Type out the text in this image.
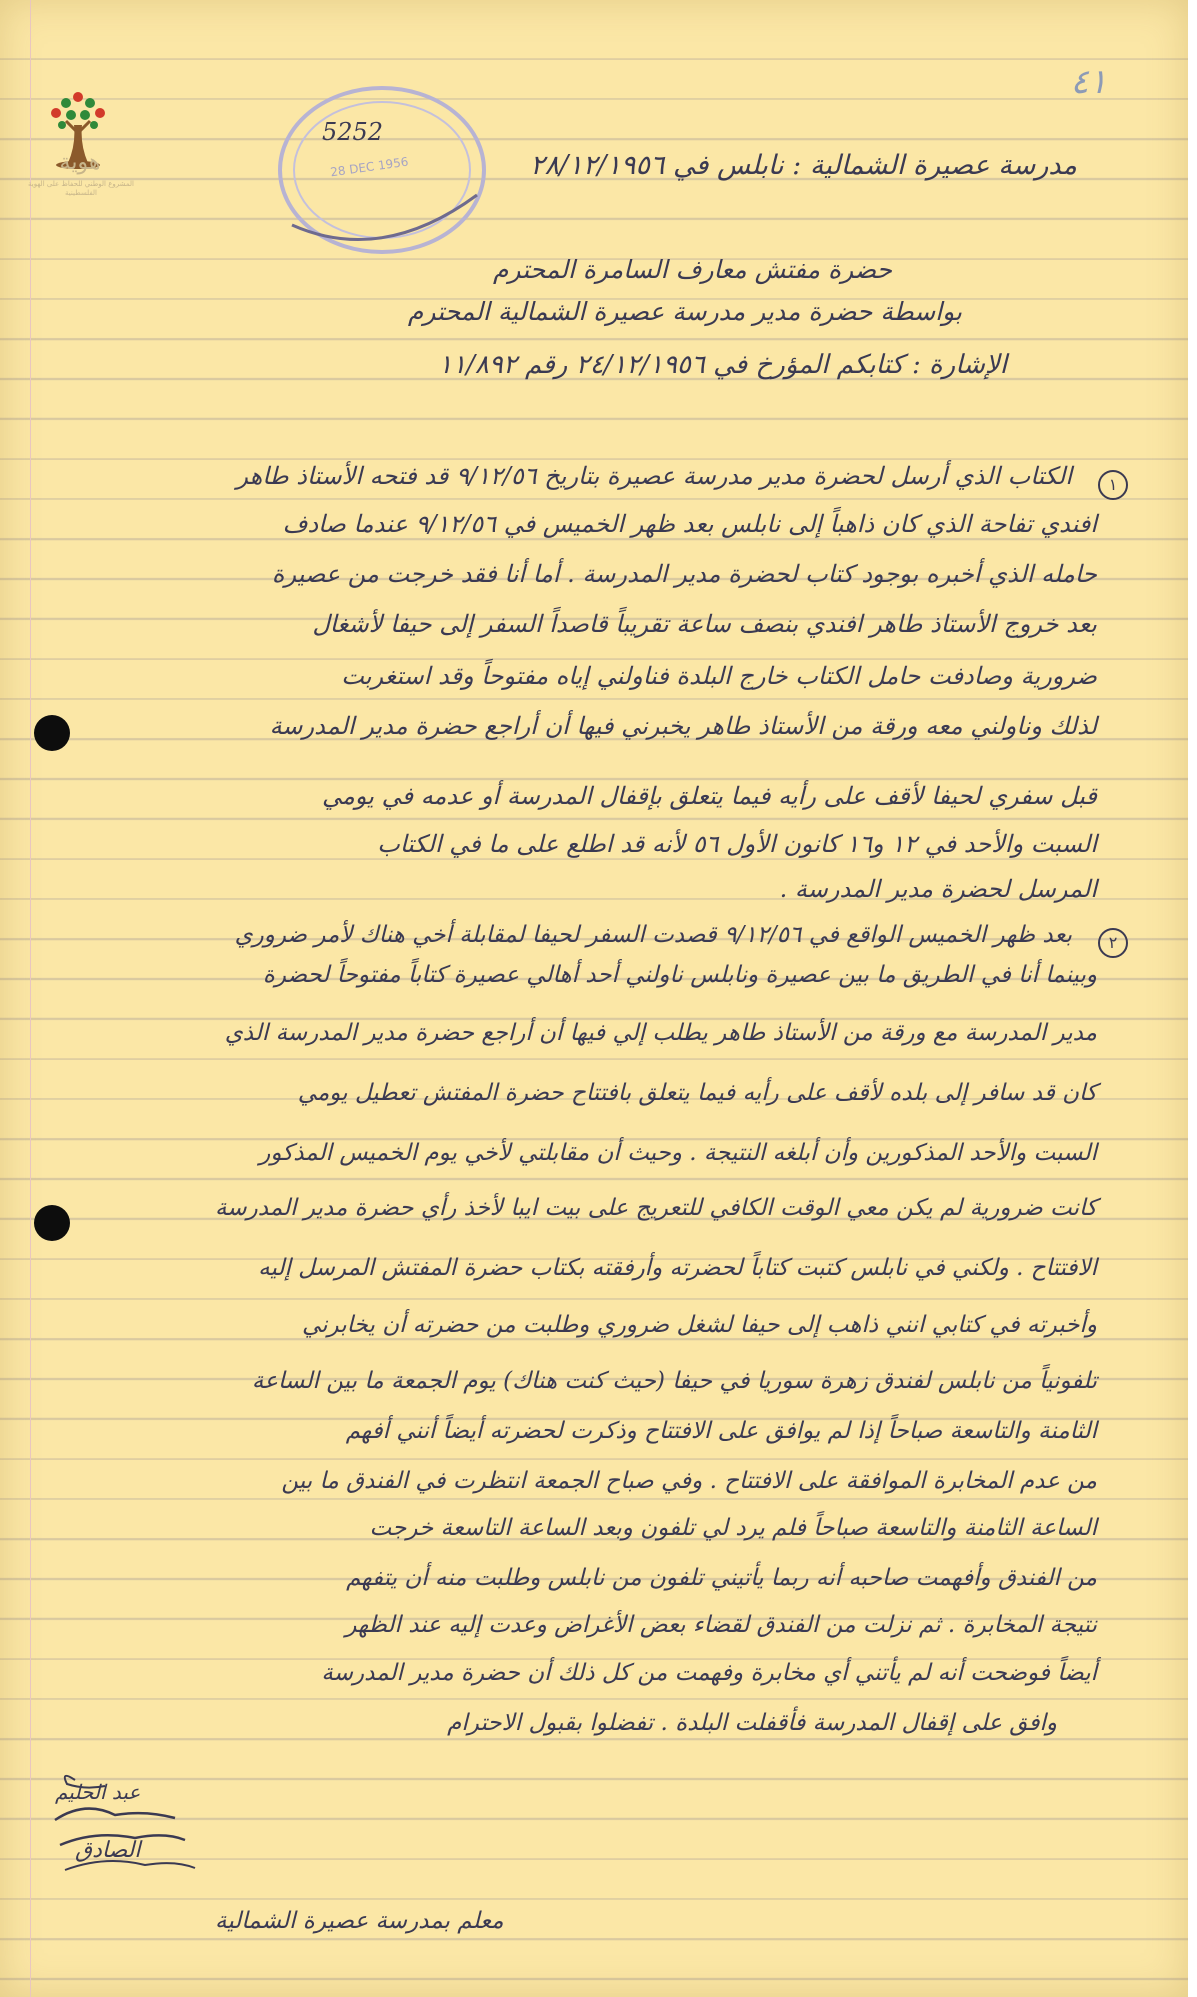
هوية
المشروع الوطني للحفاظ على الهوية الفلسطينية
٤١
5252
28 DEC 1956	مدرسة عصيرة الشمالية : نابلس في ٢٨/١٢/١٩٥٦
حضرة مفتش معارف السامرة المحترم
بواسطة حضرة مدير مدرسة عصيرة الشمالية المحترم
الإشارة : كتابكم المؤرخ في ٢٤/١٢/١٩٥٦ رقم ١١/٨٩٢
١
الكتاب الذي أرسل لحضرة مدير مدرسة عصيرة بتاريخ ٩/١٢/٥٦ قد فتحه الأستاذ طاهر
افندي تفاحة الذي كان ذاهباً إلى نابلس بعد ظهر الخميس في ٩/١٢/٥٦ عندما صادف
حامله الذي أخبره بوجود كتاب لحضرة مدير المدرسة . أما أنا فقد خرجت من عصيرة
بعد خروج الأستاذ طاهر افندي بنصف ساعة تقريباً قاصداً السفر إلى حيفا لأشغال
ضرورية وصادفت حامل الكتاب خارج البلدة فناولني إياه مفتوحاً وقد استغربت
لذلك وناولني معه ورقة من الأستاذ طاهر يخبرني فيها أن أراجع حضرة مدير المدرسة
قبل سفري لحيفا لأقف على رأيه فيما يتعلق بإقفال المدرسة أو عدمه في يومي
السبت والأحد في ١٢ و١٦ كانون الأول ٥٦ لأنه قد اطلع على ما في الكتاب
المرسل لحضرة مدير المدرسة .
٢
بعد ظهر الخميس الواقع في ٩/١٢/٥٦ قصدت السفر لحيفا لمقابلة أخي هناك لأمر ضروري
وبينما أنا في الطريق ما بين عصيرة ونابلس ناولني أحد أهالي عصيرة كتاباً مفتوحاً لحضرة
مدير المدرسة مع ورقة من الأستاذ طاهر يطلب إلي فيها أن أراجع حضرة مدير المدرسة الذي
كان قد سافر إلى بلده لأقف على رأيه فيما يتعلق بافتتاح حضرة المفتش تعطيل يومي
السبت والأحد المذكورين وأن أبلغه النتيجة . وحيث أن مقابلتي لأخي يوم الخميس المذكور
كانت ضرورية لم يكن معي الوقت الكافي للتعريج على بيت ايبا لأخذ رأي حضرة مدير المدرسة
الافتتاح . ولكني في نابلس كتبت كتاباً لحضرته وأرفقته بكتاب حضرة المفتش المرسل إليه
وأخبرته في كتابي انني ذاهب إلى حيفا لشغل ضروري وطلبت من حضرته أن يخابرني
تلفونياً من نابلس لفندق زهرة سوريا في حيفا (حيث كنت هناك) يوم الجمعة ما بين الساعة
الثامنة والتاسعة صباحاً إذا لم يوافق على الافتتاح وذكرت لحضرته أيضاً أنني أفهم
من عدم المخابرة الموافقة على الافتتاح . وفي صباح الجمعة انتظرت في الفندق ما بين
الساعة الثامنة والتاسعة صباحاً فلم يرد لي تلفون وبعد الساعة التاسعة خرجت
من الفندق وأفهمت صاحبه أنه ربما يأتيني تلفون من نابلس وطلبت منه أن يتفهم
نتيجة المخابرة . ثم نزلت من الفندق لقضاء بعض الأغراض وعدت إليه عند الظهر
أيضاً فوضحت أنه لم يأتني أي مخابرة وفهمت من كل ذلك أن حضرة مدير المدرسة
وافق على إقفال المدرسة فأقفلت البلدة . تفضلوا بقبول الاحترام
عبد الحليم
الصادق
معلم بمدرسة عصيرة الشمالية
